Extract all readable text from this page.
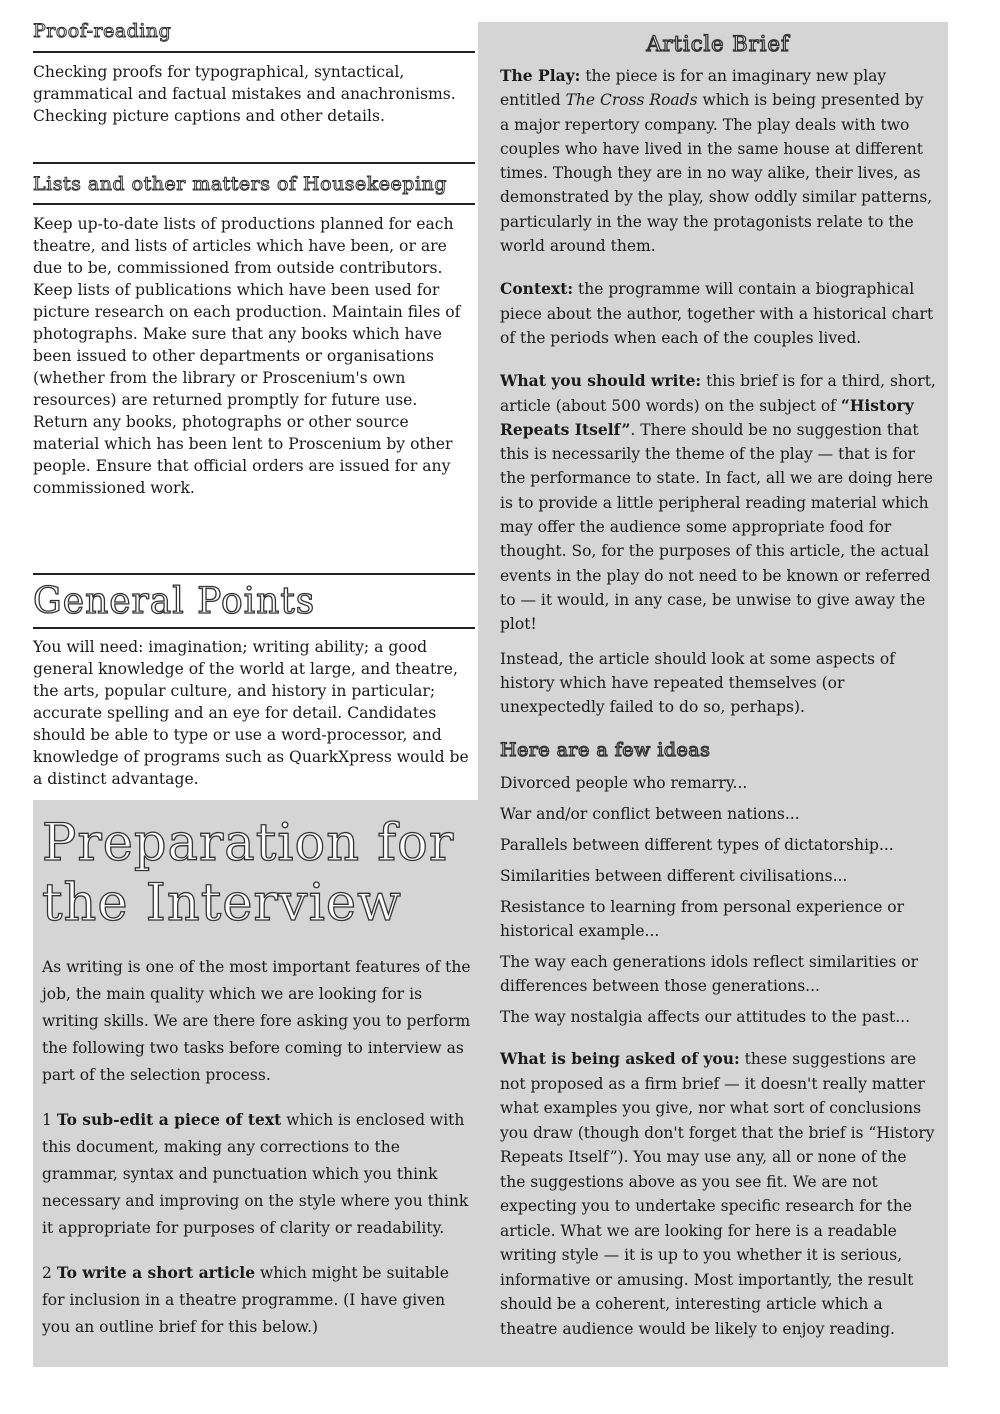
Proof-reading

Checking proofs for typographical, syntactical, grammatical and factual mistakes and anachronisms. Checking picture captions and other details.

Lists and other matters of Housekeeping

Keep up-to-date lists of productions planned for each theatre, and lists of articles which have been, or are due to be, commissioned from outside contributors. Keep lists of publications which have been used for picture research on each production. Maintain files of photographs. Make sure that any books which have been issued to other departments or organisations (whether from the library or Proscenium's own resources) are returned promptly for future use. Return any books, photographs or other source material which has been lent to Proscenium by other people. Ensure that official orders are issued for any commissioned work.

General Points

You will need: imagination; writing ability; a good general knowledge of the world at large, and theatre, the arts, popular culture, and history in particular; accurate spelling and an eye for detail. Candidates should be able to type or use a word-processor, and knowledge of programs such as QuarkXpress would be a distinct advantage.

Preparation for
the Interview

As writing is one of the most important features of the job, the main quality which we are looking for is writing skills. We are there fore asking you to perform the following two tasks before coming to interview as part of the selection process.

1 To sub-edit a piece of text which is enclosed with this document, making any corrections to the grammar, syntax and punctuation which you think necessary and improving on the style where you think it appropriate for purposes of clarity or readability.

2 To write a short article which might be suitable for inclusion in a theatre programme. (I have given you an outline brief for this below.)

Article Brief

The Play: the piece is for an imaginary new play entitled The Cross Roads which is being presented by a major repertory company. The play deals with two couples who have lived in the same house at different times. Though they are in no way alike, their lives, as demonstrated by the play, show oddly similar patterns, particularly in the way the protagonists relate to the world around them.

Context: the programme will contain a biographical piece about the author, together with a historical chart of the periods when each of the couples lived.

What you should write: this brief is for a third, short, article (about 500 words) on the subject of “History Repeats Itself”. There should be no suggestion that this is necessarily the theme of the play — that is for the performance to state. In fact, all we are doing here is to provide a little peripheral reading material which may offer the audience some appropriate food for thought. So, for the purposes of this article, the actual events in the play do not need to be known or referred to — it would, in any case, be unwise to give away the plot!

Instead, the article should look at some aspects of history which have repeated themselves (or unexpectedly failed to do so, perhaps).

Here are a few ideas

Divorced people who remarry...

War and/or conflict between nations...

Parallels between different types of dictatorship...

Similarities between different civilisations...

Resistance to learning from personal experience or historical example...

The way each generations idols reflect similarities or differences between those generations...

The way nostalgia affects our attitudes to the past...

What is being asked of you: these suggestions are not proposed as a firm brief — it doesn't really matter what examples you give, nor what sort of conclusions you draw (though don't forget that the brief is “History Repeats Itself”). You may use any, all or none of the the suggestions above as you see fit. We are not expecting you to undertake specific research for the article. What we are looking for here is a readable writing style — it is up to you whether it is serious, informative or amusing. Most importantly, the result should be a coherent, interesting article which a theatre audience would be likely to enjoy reading.
